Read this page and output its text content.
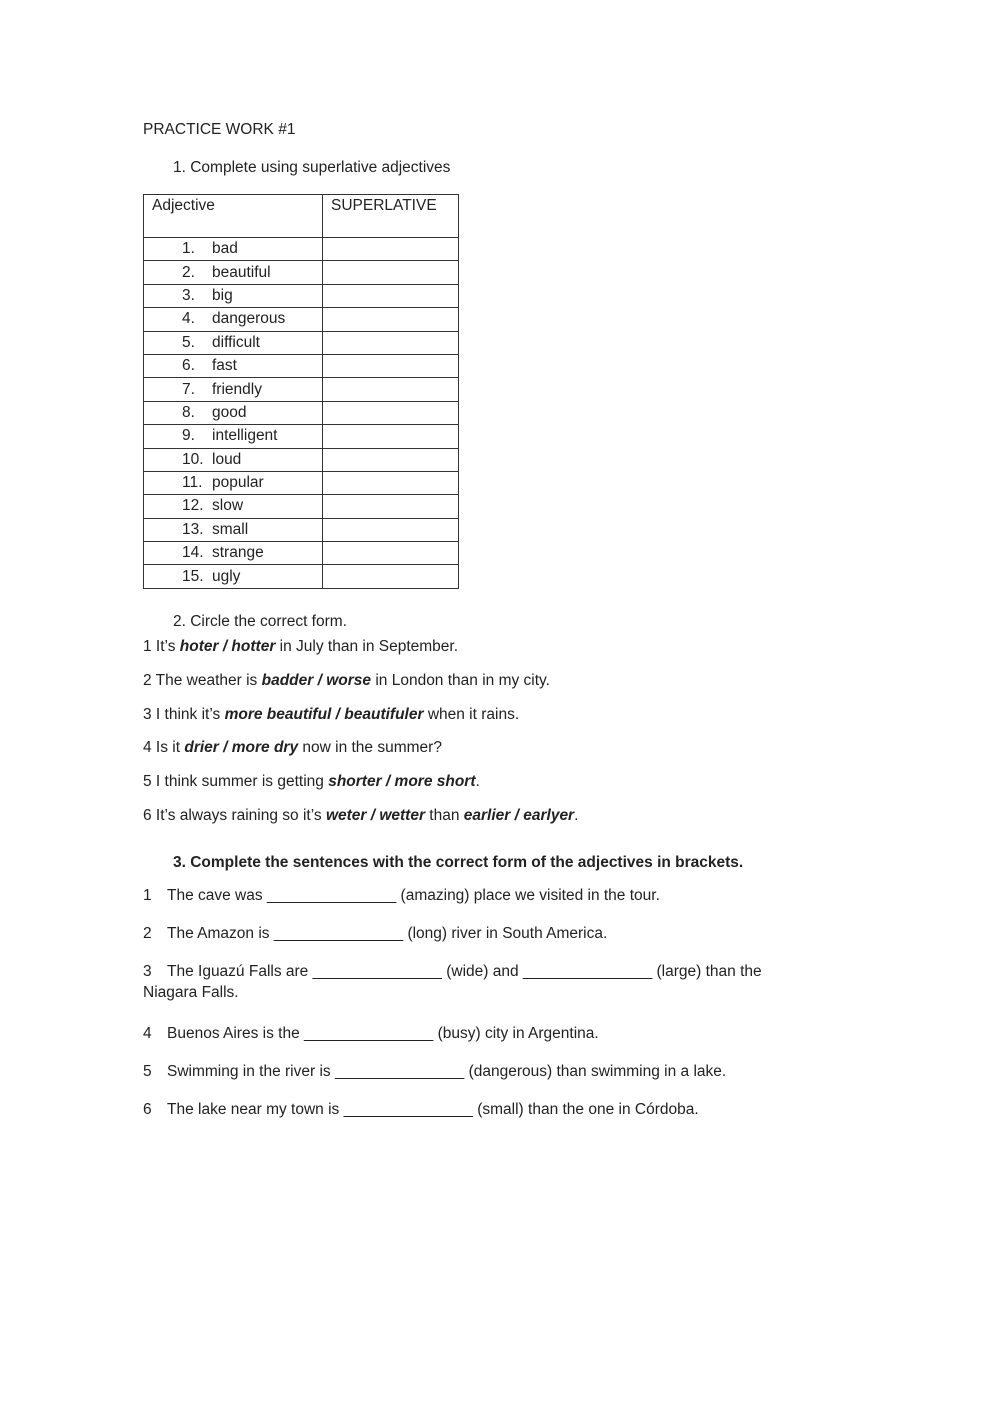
PRACTICE WORK #1
1. Complete using superlative adjectives
Adjective	SUPERLATIVE
1. bad	
2. beautiful	
3. big	
4. dangerous	
5. difficult	
6. fast	
7. friendly	
8. good	
9. intelligent	
10. loud	
11. popular	
12. slow	
13. small	
14. strange	
15. ugly	
2. Circle the correct form.
1 It’s hoter / hotter in July than in September.
2 The weather is badder / worse in London than in my city.
3 I think it’s more beautiful / beautifuler when it rains.
4 Is it drier / more dry now in the summer?
5 I think summer is getting shorter / more short.
6 It’s always raining so it’s weter / wetter than earlier / earlyer.
3. Complete the sentences with the correct form of the adjectives in brackets.
1 The cave was _______________ (amazing) place we visited in the tour.
2 The Amazon is _______________ (long) river in South America.
3 The Iguazú Falls are _______________ (wide) and _______________ (large) than the
Niagara Falls.
4 Buenos Aires is the _______________ (busy) city in Argentina.
5 Swimming in the river is _______________ (dangerous) than swimming in a lake.
6 The lake near my town is _______________ (small) than the one in Córdoba.
